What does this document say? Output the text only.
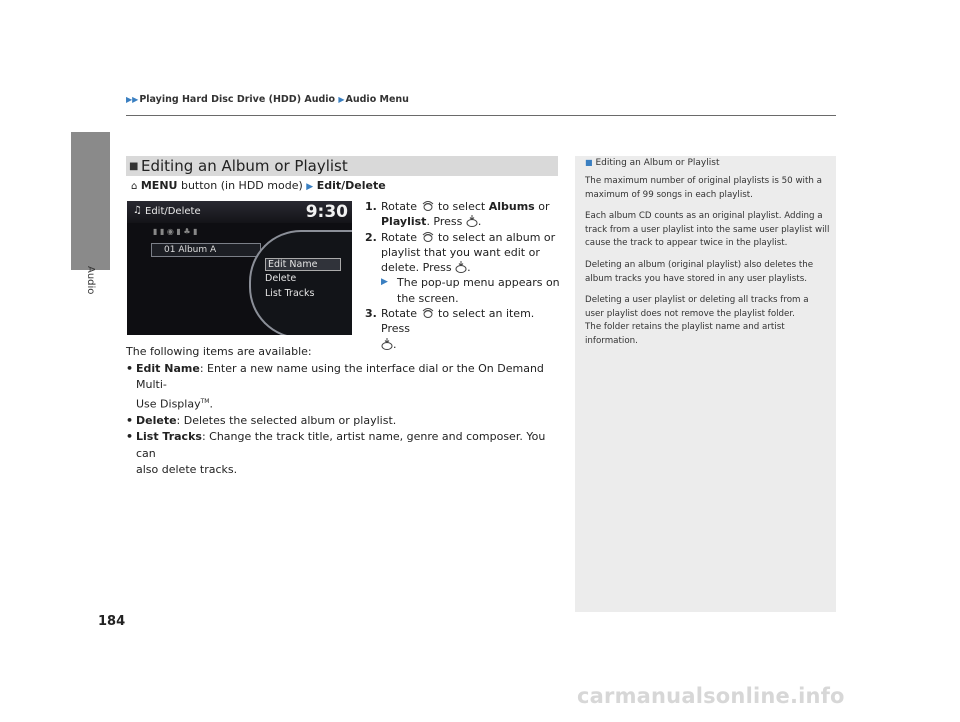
▶▶Playing Hard Disc Drive (HDD) Audio ▶Audio Menu
Audio
■ Editing an Album or Playlist
⌂ MENU button (in HDD mode) ▶ Edit/Delete
♫ Edit/Delete	9:30
▮ ▮ ◉ ▮ ♣ ▮
01 Album A
Edit Name
Delete
List Tracks
1. Rotate  to select Albums or
Playlist. Press .
2. Rotate  to select an album or
playlist that you want edit or
delete. Press .
▶ The pop-up menu appears on
the screen.
3. Rotate  to select an item. Press
.
The following items are available:
• Edit Name: Enter a new name using the interface dial or the On Demand Multi-
Use Display™.
• Delete: Deletes the selected album or playlist.
• List Tracks: Change the track title, artist name, genre and composer. You can
also delete tracks.
■ Editing an Album or Playlist

The maximum number of original playlists is 50 with a maximum of 99 songs in each playlist.

Each album CD counts as an original playlist. Adding a track from a user playlist into the same user playlist will cause the track to appear twice in the playlist.

Deleting an album (original playlist) also deletes the album tracks you have stored in any user playlists.

Deleting a user playlist or deleting all tracks from a user playlist does not remove the playlist folder.

The folder retains the playlist name and artist information.

184
carmanualsonline.info
